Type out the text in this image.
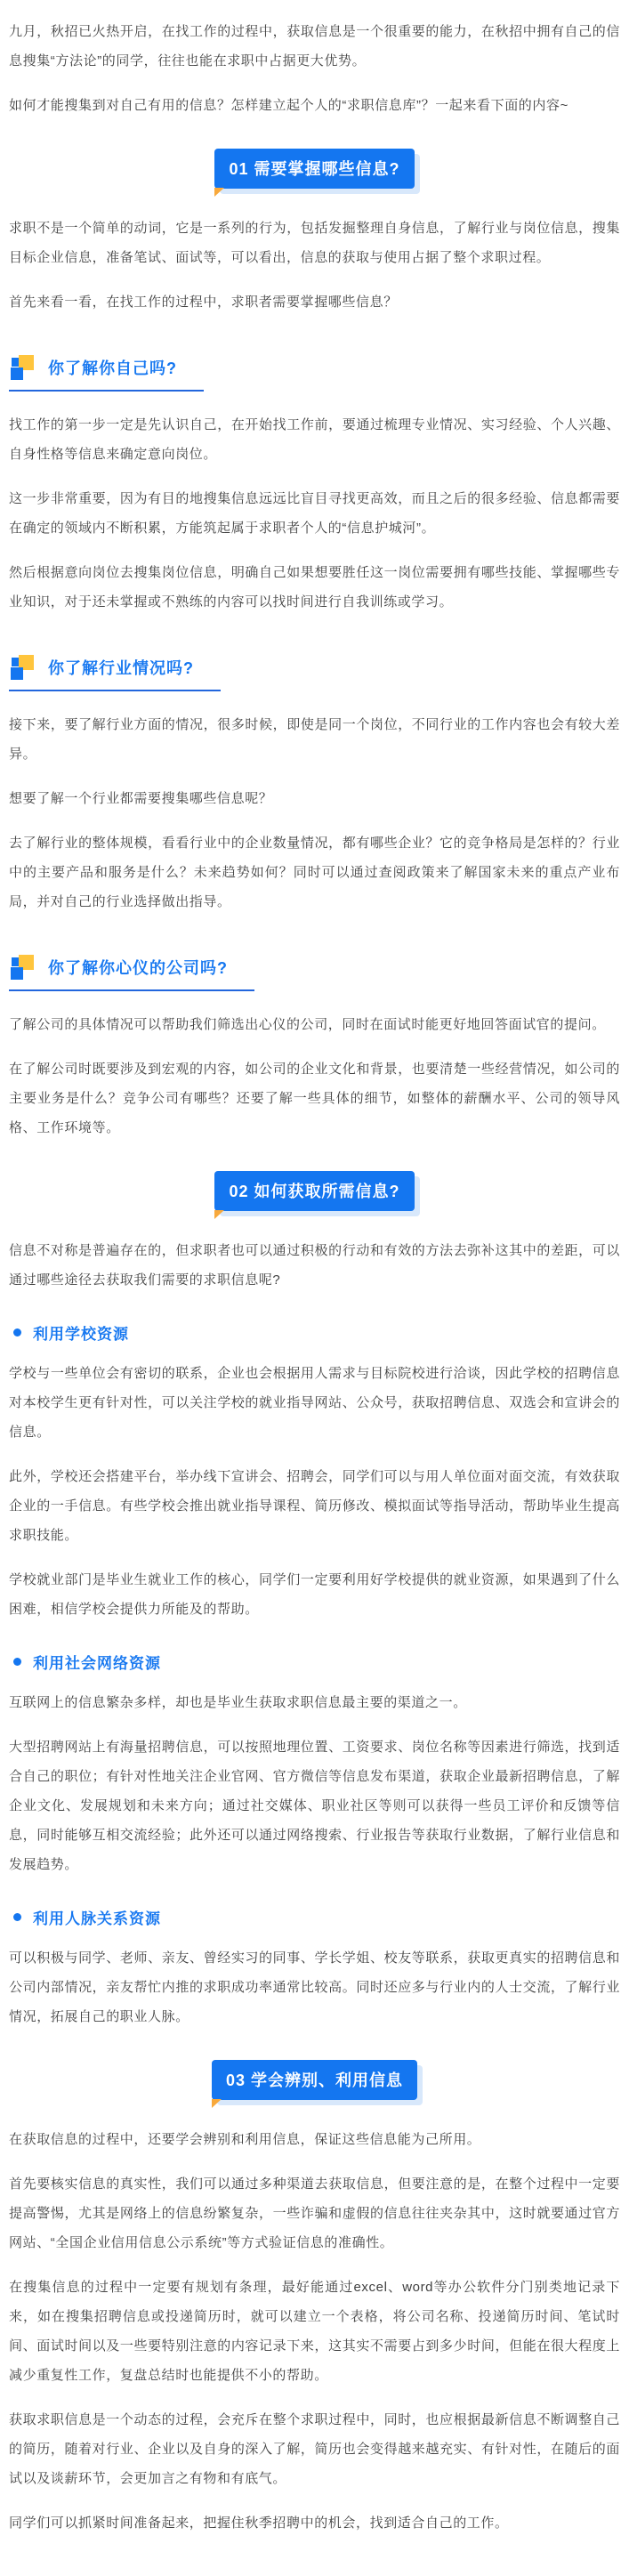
九月，秋招已火热开启，在找工作的过程中，获取信息是一个很重要的能力，在秋招中拥有自己的信息搜集“方法论”的同学，往往也能在求职中占据更大优势。

如何才能搜集到对自己有用的信息？怎样建立起个人的“求职信息库”？一起来看下面的内容~

01 需要掌握哪些信息?

求职不是一个简单的动词，它是一系列的行为，包括发掘整理自身信息，了解行业与岗位信息，搜集目标企业信息，准备笔试、面试等，可以看出，信息的获取与使用占据了整个求职过程。

首先来看一看，在找工作的过程中，求职者需要掌握哪些信息？

你了解你自己吗?

找工作的第一步一定是先认识自己，在开始找工作前，要通过梳理专业情况、实习经验、个人兴趣、自身性格等信息来确定意向岗位。

这一步非常重要，因为有目的地搜集信息远远比盲目寻找更高效，而且之后的很多经验、信息都需要在确定的领域内不断积累，方能筑起属于求职者个人的“信息护城河”。

然后根据意向岗位去搜集岗位信息，明确自己如果想要胜任这一岗位需要拥有哪些技能、掌握哪些专业知识，对于还未掌握或不熟练的内容可以找时间进行自我训练或学习。

你了解行业情况吗?

接下来，要了解行业方面的情况，很多时候，即使是同一个岗位，不同行业的工作内容也会有较大差异。

想要了解一个行业都需要搜集哪些信息呢？

去了解行业的整体规模，看看行业中的企业数量情况，都有哪些企业？它的竞争格局是怎样的？行业中的主要产品和服务是什么？未来趋势如何？同时可以通过查阅政策来了解国家未来的重点产业布局，并对自己的行业选择做出指导。

你了解你心仪的公司吗?

了解公司的具体情况可以帮助我们筛选出心仪的公司，同时在面试时能更好地回答面试官的提问。

在了解公司时既要涉及到宏观的内容，如公司的企业文化和背景，也要清楚一些经营情况，如公司的主要业务是什么？竞争公司有哪些？还要了解一些具体的细节，如整体的薪酬水平、公司的领导风格、工作环境等。

02 如何获取所需信息?

信息不对称是普遍存在的，但求职者也可以通过积极的行动和有效的方法去弥补这其中的差距，可以通过哪些途径去获取我们需要的求职信息呢?

利用学校资源

学校与一些单位会有密切的联系，企业也会根据用人需求与目标院校进行洽谈，因此学校的招聘信息对本校学生更有针对性，可以关注学校的就业指导网站、公众号，获取招聘信息、双选会和宣讲会的信息。

此外，学校还会搭建平台，举办线下宣讲会、招聘会，同学们可以与用人单位面对面交流，有效获取企业的一手信息。有些学校会推出就业指导课程、简历修改、模拟面试等指导活动，帮助毕业生提高求职技能。

学校就业部门是毕业生就业工作的核心，同学们一定要利用好学校提供的就业资源，如果遇到了什么困难，相信学校会提供力所能及的帮助。

利用社会网络资源

互联网上的信息繁杂多样，却也是毕业生获取求职信息最主要的渠道之一。

大型招聘网站上有海量招聘信息，可以按照地理位置、工资要求、岗位名称等因素进行筛选，找到适合自己的职位；有针对性地关注企业官网、官方微信等信息发布渠道，获取企业最新招聘信息，了解企业文化、发展规划和未来方向；通过社交媒体、职业社区等则可以获得一些员工评价和反馈等信息，同时能够互相交流经验；此外还可以通过网络搜索、行业报告等获取行业数据，了解行业信息和发展趋势。

利用人脉关系资源

可以积极与同学、老师、亲友、曾经实习的同事、学长学姐、校友等联系，获取更真实的招聘信息和公司内部情况，亲友帮忙内推的求职成功率通常比较高。同时还应多与行业内的人士交流，了解行业情况，拓展自己的职业人脉。

03 学会辨别、利用信息

在获取信息的过程中，还要学会辨别和利用信息，保证这些信息能为己所用。

首先要核实信息的真实性，我们可以通过多种渠道去获取信息，但要注意的是，在整个过程中一定要提高警惕，尤其是网络上的信息纷繁复杂，一些诈骗和虚假的信息往往夹杂其中，这时就要通过官方网站、“全国企业信用信息公示系统”等方式验证信息的准确性。

在搜集信息的过程中一定要有规划有条理，最好能通过excel、word等办公软件分门别类地记录下来，如在搜集招聘信息或投递简历时，就可以建立一个表格，将公司名称、投递简历时间、笔试时间、面试时间以及一些要特别注意的内容记录下来，这其实不需要占到多少时间，但能在很大程度上减少重复性工作，复盘总结时也能提供不小的帮助。

获取求职信息是一个动态的过程，会充斥在整个求职过程中，同时，也应根据最新信息不断调整自己的简历，随着对行业、企业以及自身的深入了解，简历也会变得越来越充实、有针对性，在随后的面试以及谈薪环节，会更加言之有物和有底气。

同学们可以抓紧时间准备起来，把握住秋季招聘中的机会，找到适合自己的工作。
